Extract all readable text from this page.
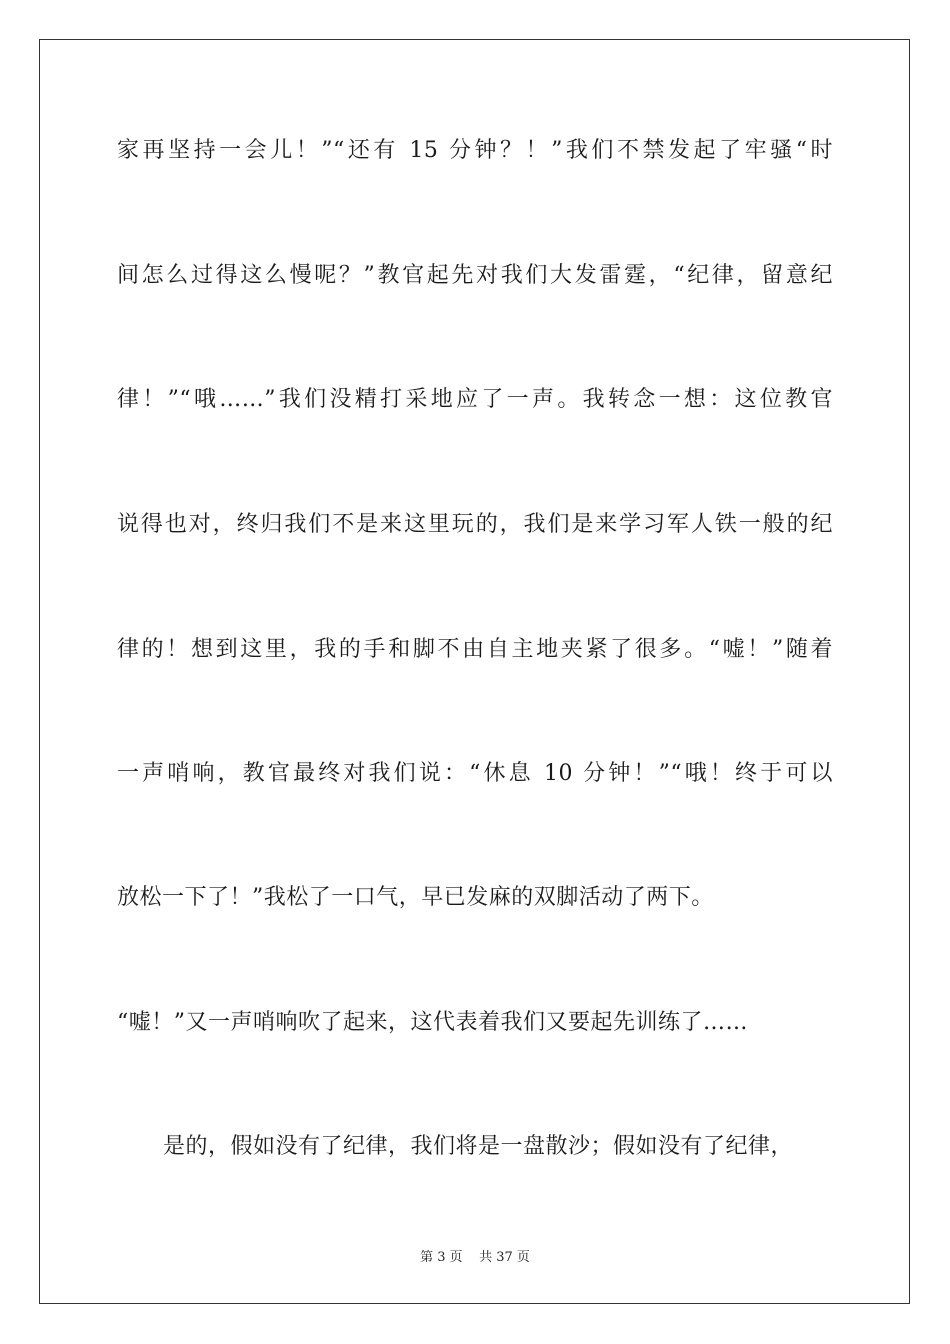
家再坚持一会儿！”“还有 15 分钟？！”我们不禁发起了牢骚“时
间怎么过得这么慢呢？”教官起先对我们大发雷霆，“纪律，留意纪
律！”“哦……”我们没精打采地应了一声。我转念一想：这位教官
说得也对，终归我们不是来这里玩的，我们是来学习军人铁一般的纪
律的！想到这里，我的手和脚不由自主地夹紧了很多。“嘘！”随着
一声哨响，教官最终对我们说：“休息 10 分钟！”“哦！终于可以
放松一下了！”我松了一口气，早已发麻的双脚活动了两下。
“嘘！”又一声哨响吹了起来，这代表着我们又要起先训练了……
是的，假如没有了纪律，我们将是一盘散沙；假如没有了纪律，
第 3 页    共 37 页
